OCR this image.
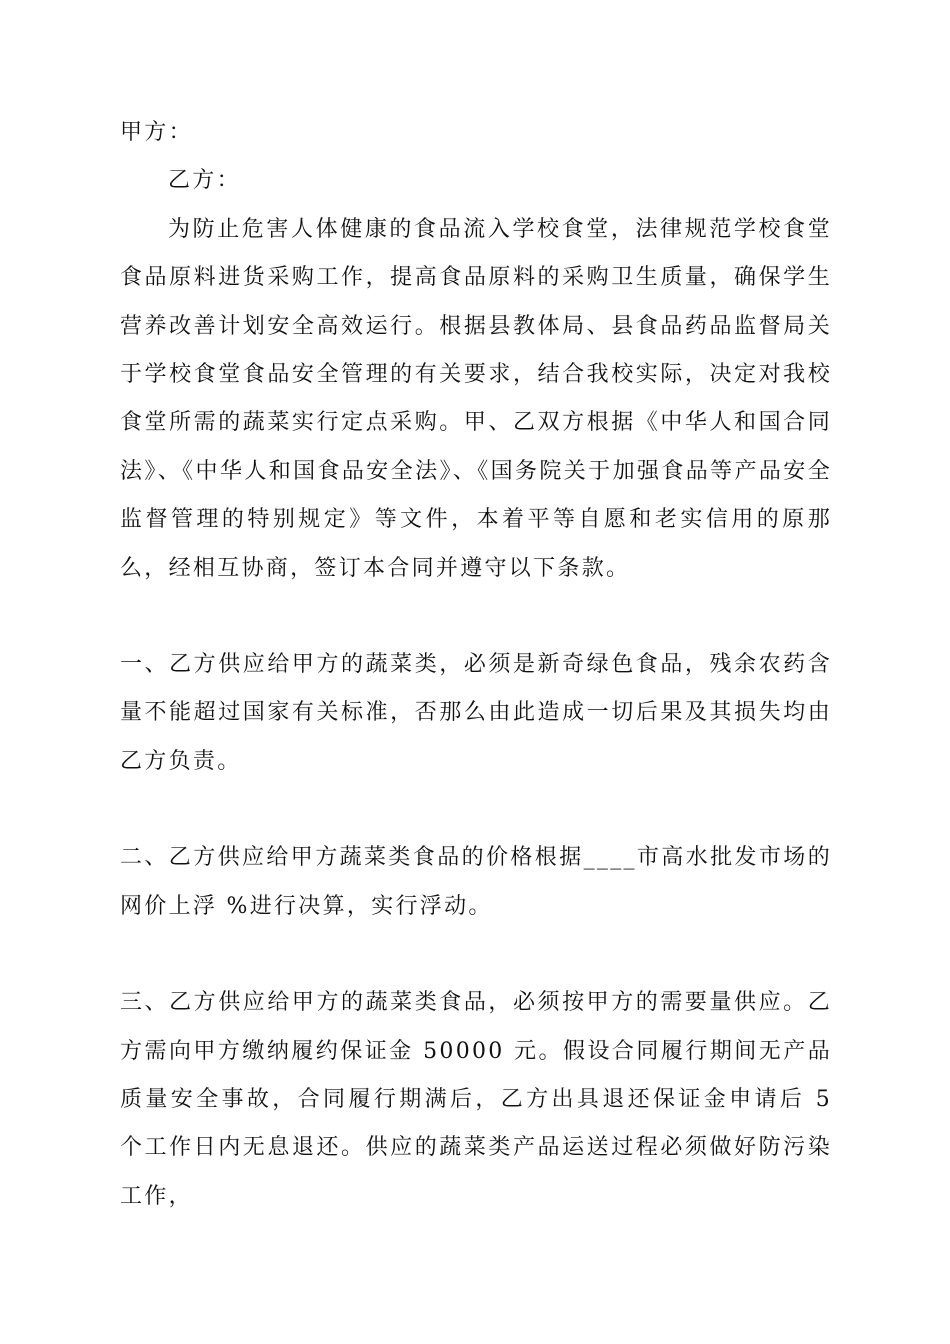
甲方：

乙方：

为防止危害人体健康的食品流入学校食堂，法律规范学校食堂食品原料进货采购工作，提高食品原料的采购卫生质量，确保学生营养改善计划安全高效运行。根据县教体局、县食品药品监督局关于学校食堂食品安全管理的有关要求，结合我校实际，决定对我校食堂所需的蔬菜实行定点采购。甲、乙双方根据《中华人和国合同法》、《中华人和国食品安全法》、《国务院关于加强食品等产品安全监督管理的特别规定》等文件，本着平等自愿和老实信用的原那么，经相互协商，签订本合同并遵守以下条款。

一、乙方供应给甲方的蔬菜类，必须是新奇绿色食品，残余农药含量不能超过国家有关标准，否那么由此造成一切后果及其损失均由乙方负责。

二、乙方供应给甲方蔬菜类食品的价格根据____市高水批发市场的网价上浮 %进行决算，实行浮动。

三、乙方供应给甲方的蔬菜类食品，必须按甲方的需要量供应。乙方需向甲方缴纳履约保证金 50000 元。假设合同履行期间无产品质量安全事故，合同履行期满后，乙方出具退还保证金申请后 5 个工作日内无息退还。供应的蔬菜类产品运送过程必须做好防污染工作，
